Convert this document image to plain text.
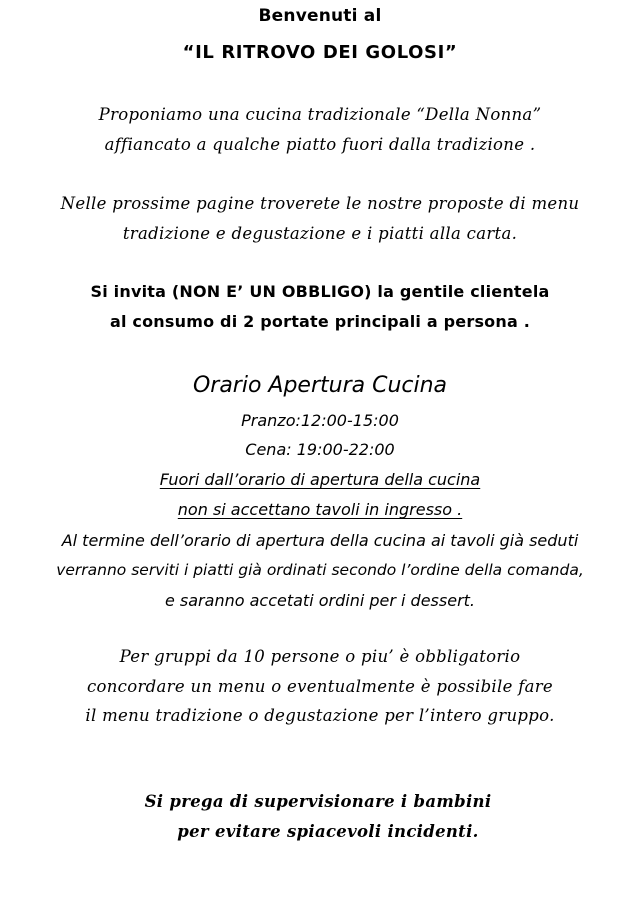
Benvenuti al
“IL RITROVO DEI GOLOSI”
Proponiamo una cucina tradizionale “Della Nonna”
affiancato a qualche piatto fuori dalla tradizione .
Nelle prossime pagine troverete le nostre proposte di menu
tradizione e degustazione e i piatti alla carta.
Si invita (NON E’ UN OBBLIGO) la gentile clientela
al consumo di 2 portate principali a persona .
Orario Apertura Cucina
Pranzo:12:00-15:00
Cena: 19:00-22:00
Fuori dall’orario di apertura della cucina
non si accettano tavoli in ingresso .
Al termine dell’orario di apertura della cucina ai tavoli già seduti
verranno serviti i piatti già ordinati secondo l’ordine della comanda,
e saranno accetati ordini per i dessert.
Per gruppi da 10 persone o piu’ è obbligatorio
concordare un menu o eventualmente è possibile fare
il menu tradizione o degustazione per l’intero gruppo.
Si prega di supervisionare i bambini
per evitare spiacevoli incidenti.
